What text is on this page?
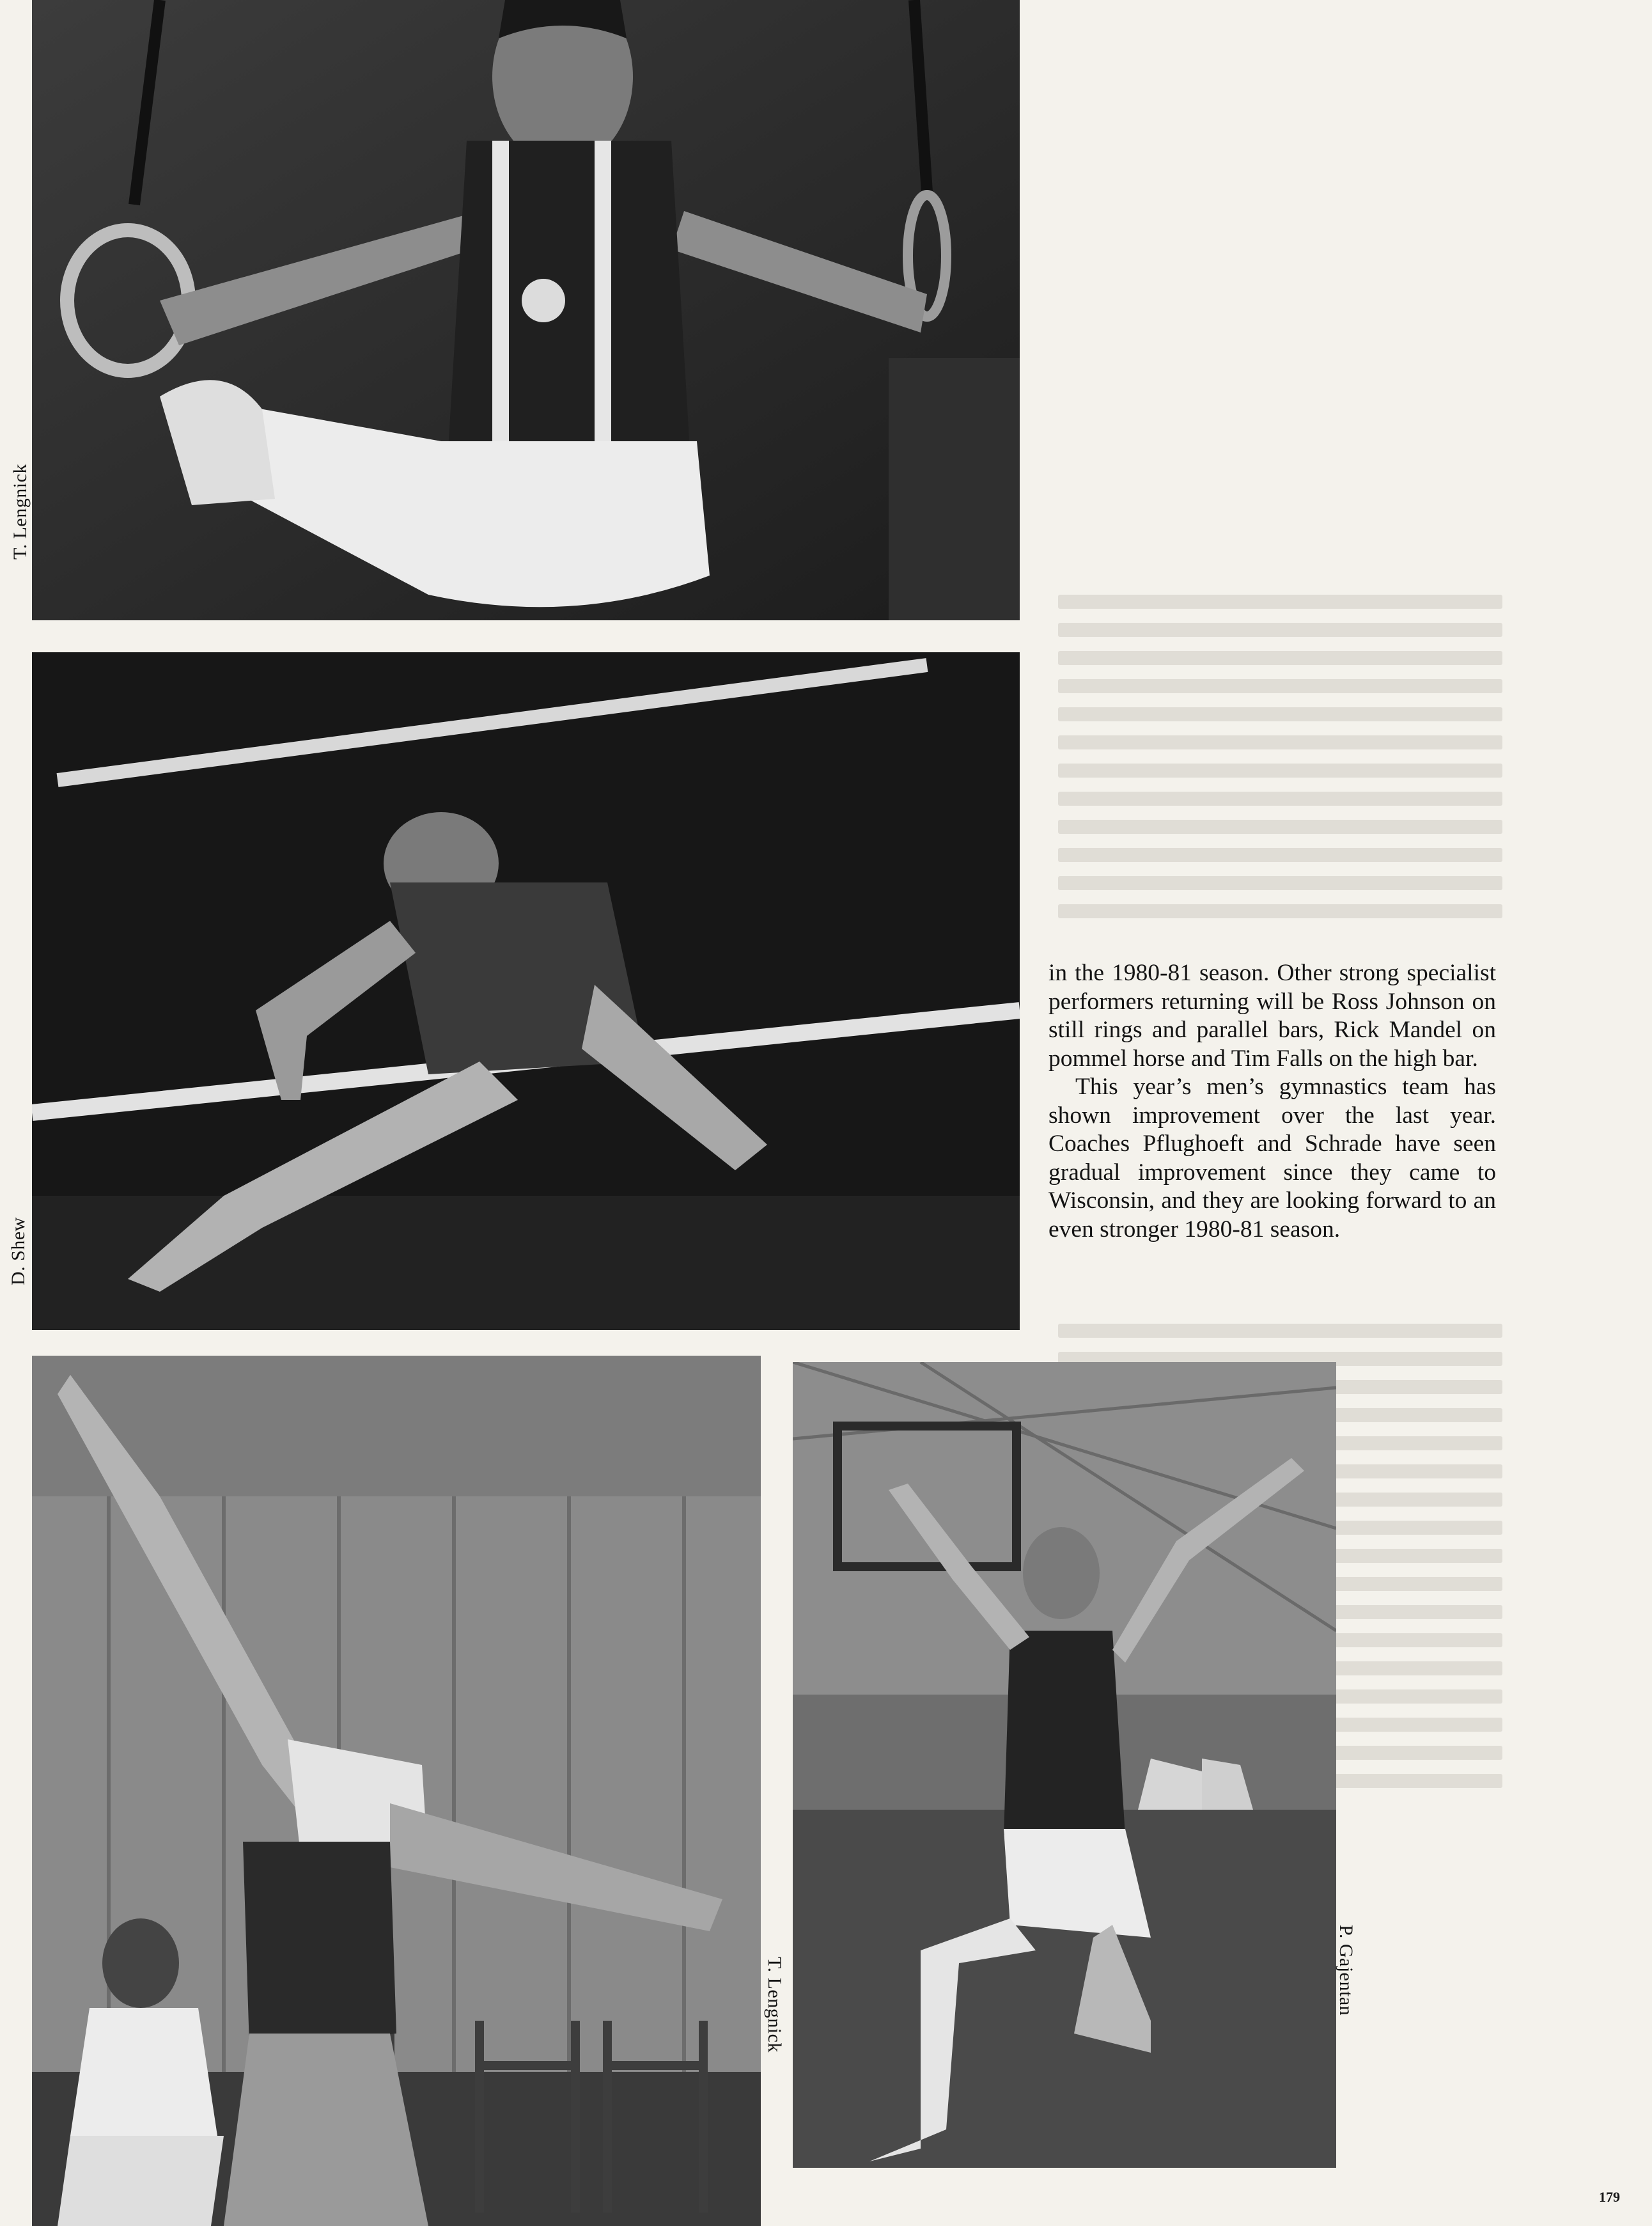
T. Lengnick
D. Shew

in the 1980-81 season. Other strong specialist performers returning will be Ross Johnson on still rings and parallel bars, Rick Mandel on pommel horse and Tim Falls on the high bar.

This year’s men’s gymnastics team has shown improvement over the last year. Coaches Pflughoeft and Schrade have seen gradual improvement since they came to Wisconsin, and they are looking forward to an even stronger 1980-81 season.

T. Lengnick	P. Gajentan
179
